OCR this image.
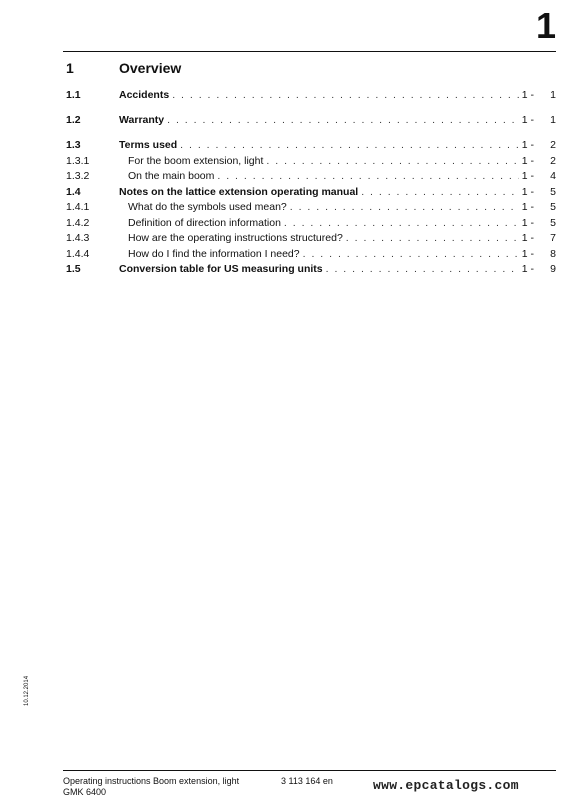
1
1	Overview
1.1	Accidents . . .	1 -	1
1.2	Warranty . . .	1 -	1
1.3	Terms used . . .	1 -	2
1.3.1	For the boom extension, light . . .	1 -	2
1.3.2	On the main boom . . .	1 -	4
1.4	Notes on the lattice extension operating manual . . .	1 -	5
1.4.1	What do the symbols used mean? . . .	1 -	5
1.4.2	Definition of direction information . . .	1 -	5
1.4.3	How are the operating instructions structured? . . .	1 -	7
1.4.4	How do I find the information I need? . . .	1 -	8
1.5	Conversion table for US measuring units . . .	1 -	9
10.12.2014
Operating instructions Boom extension, light
GMK 6400
3 113 164 en	www.epcatalogs.com
